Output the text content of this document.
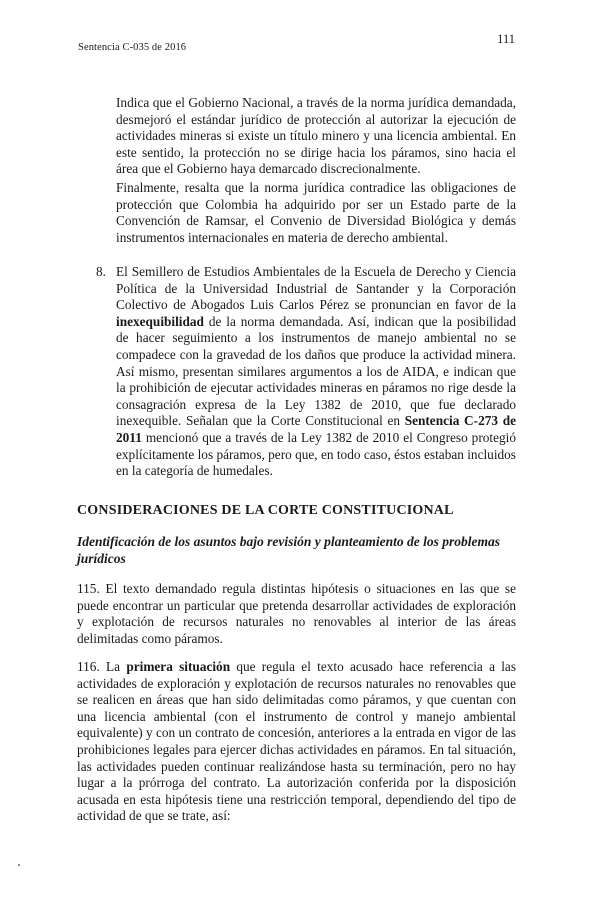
Sentencia C-035 de 2016
111

Indica que el Gobierno Nacional, a través de la norma jurídica demandada, desmejoró el estándar jurídico de protección al autorizar la ejecución de actividades mineras si existe un título minero y una licencia ambiental. En este sentido, la protección no se dirige hacia los páramos, sino hacia el área que el Gobierno haya demarcado discrecionalmente.

Finalmente, resalta que la norma jurídica contradice las obligaciones de protección que Colombia ha adquirido por ser un Estado parte de la Convención de Ramsar, el Convenio de Diversidad Biológica y demás instrumentos internacionales en materia de derecho ambiental.

8. El Semillero de Estudios Ambientales de la Escuela de Derecho y Ciencia Política de la Universidad Industrial de Santander y la Corporación Colectivo de Abogados Luis Carlos Pérez se pronuncian en favor de la inexequibilidad de la norma demandada. Así, indican que la posibilidad de hacer seguimiento a los instrumentos de manejo ambiental no se compadece con la gravedad de los daños que produce la actividad minera. Así mismo, presentan similares argumentos a los de AIDA, e indican que la prohibición de ejecutar actividades mineras en páramos no rige desde la consagración expresa de la Ley 1382 de 2010, que fue declarado inexequible. Señalan que la Corte Constitucional en Sentencia C-273 de 2011 mencionó que a través de la Ley 1382 de 2010 el Congreso protegió explícitamente los páramos, pero que, en todo caso, éstos estaban incluidos en la categoría de humedales.

CONSIDERACIONES DE LA CORTE CONSTITUCIONAL
Identificación de los asuntos bajo revisión y planteamiento de los problemas jurídicos

115. El texto demandado regula distintas hipótesis o situaciones en las que se puede encontrar un particular que pretenda desarrollar actividades de exploración y explotación de recursos naturales no renovables al interior de las áreas delimitadas como páramos.

116. La primera situación que regula el texto acusado hace referencia a las actividades de exploración y explotación de recursos naturales no renovables que se realicen en áreas que han sido delimitadas como páramos, y que cuentan con una licencia ambiental (con el instrumento de control y manejo ambiental equivalente) y con un contrato de concesión, anteriores a la entrada en vigor de las prohibiciones legales para ejercer dichas actividades en páramos. En tal situación, las actividades pueden continuar realizándose hasta su terminación, pero no hay lugar a la prórroga del contrato. La autorización conferida por la disposición acusada en esta hipótesis tiene una restricción temporal, dependiendo del tipo de actividad de que se trate, así:
